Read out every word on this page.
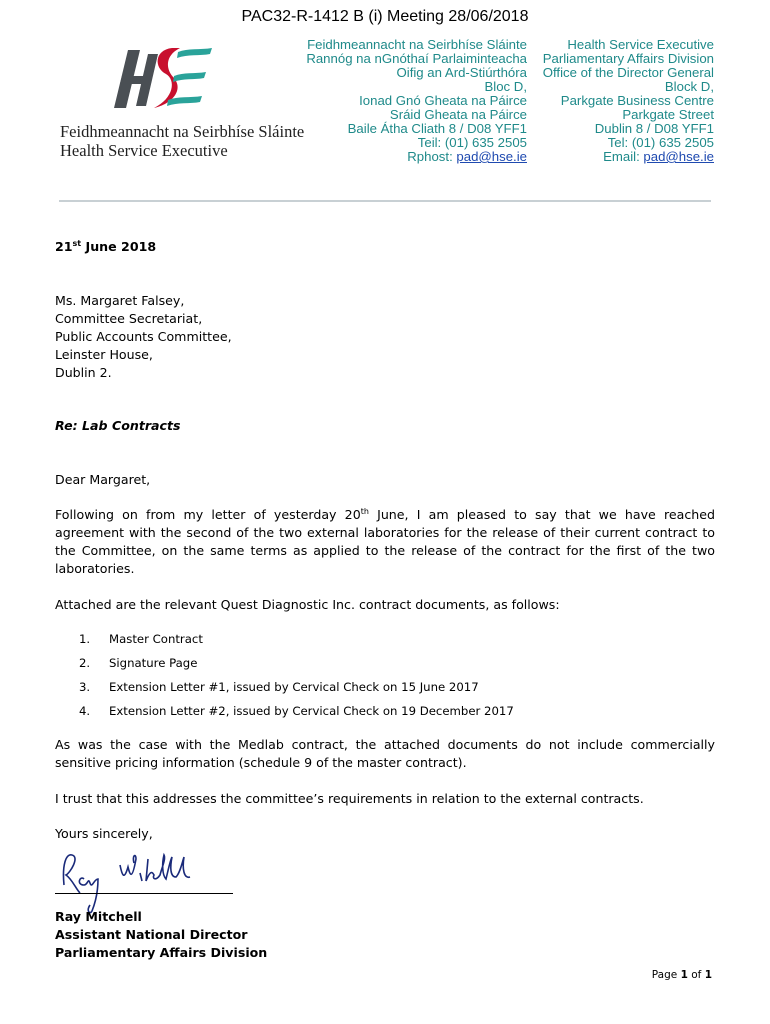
PAC32-R-1412 B (i) Meeting 28/06/2018
Feidhmeannacht na Seirbhíse Sláinte
Health Service Executive
Feidhmeannacht na Seirbhíse Sláinte
Rannóg na nGnóthaí Parlaiminteacha
Oifig an Ard-Stiúrthóra
Bloc D,
Ionad Gnó Gheata na Páirce
Sráid Gheata na Páirce
Baile Átha Cliath 8 / D08 YFF1
Teil: (01) 635 2505
Rphost: pad@hse.ie
Health Service Executive
Parliamentary Affairs Division
Office of the Director General
Block D,
Parkgate Business Centre
Parkgate Street
Dublin 8 / D08 YFF1
Tel: (01) 635 2505
Email: pad@hse.ie
21st June 2018
Ms. Margaret Falsey,
Committee Secretariat,
Public Accounts Committee,
Leinster House,
Dublin 2.
Re: Lab Contracts
Dear Margaret,
Following on from my letter of yesterday 20th June, I am pleased to say that we have reached agreement with the second of the two external laboratories for the release of their current contract to the Committee, on the same terms as applied to the release of the contract for the first of the two laboratories.
Attached are the relevant Quest Diagnostic Inc. contract documents, as follows:
1.	Master Contract
2.	Signature Page
3.	Extension Letter #1, issued by Cervical Check on 15 June 2017
4.	Extension Letter #2, issued by Cervical Check on 19 December 2017
As was the case with the Medlab contract, the attached documents do not include commercially sensitive pricing information (schedule 9 of the master contract).
I trust that this addresses the committee’s requirements in relation to the external contracts.
Yours sincerely,
Ray Mitchell
Assistant National Director
Parliamentary Affairs Division
Page 1 of 1
